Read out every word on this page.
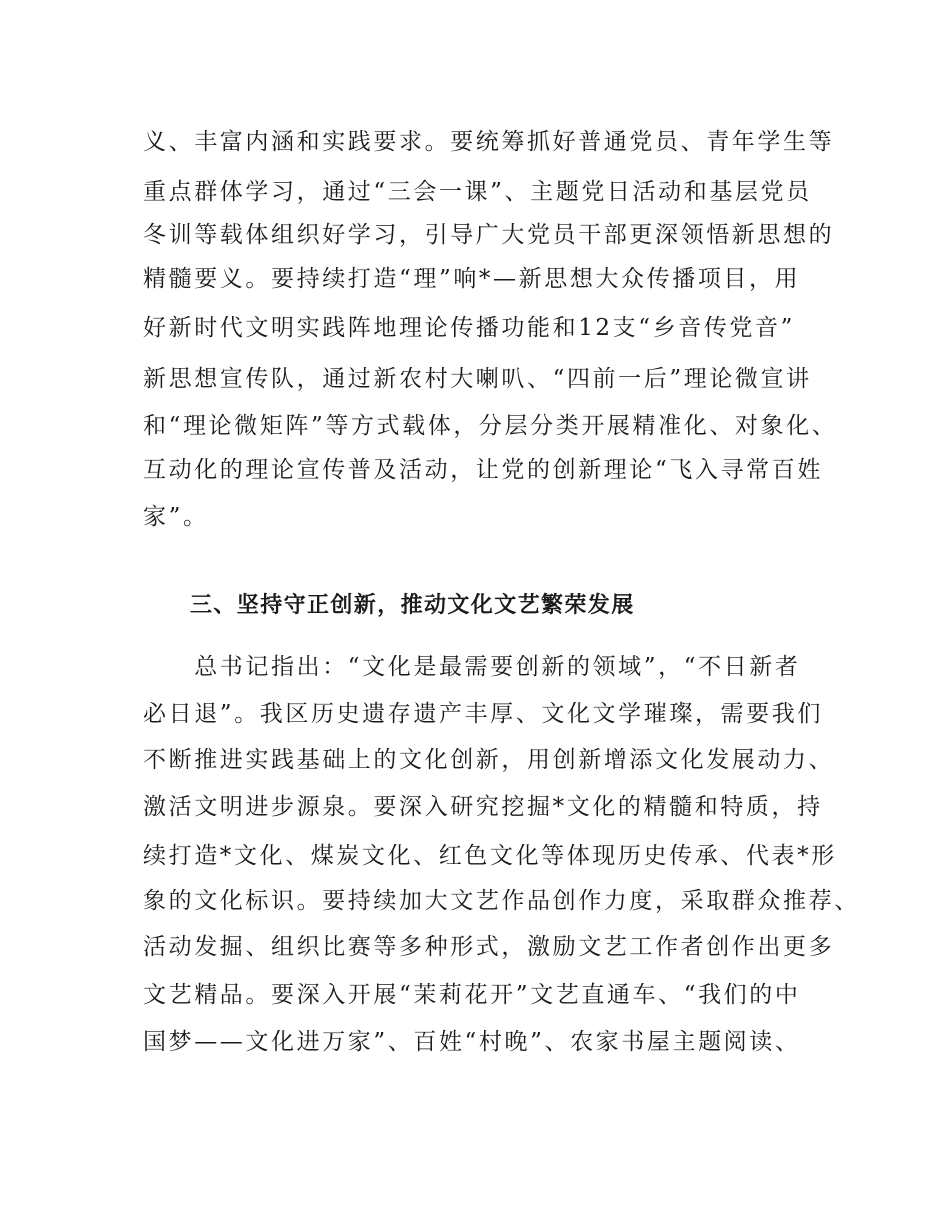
义、丰富内涵和实践要求。要统筹抓好普通党员、青年学生等
重点群体学习，通过“三会一课”、主题党日活动和基层党员
冬训等载体组织好学习，引导广大党员干部更深领悟新思想的
精髓要义。要持续打造“理”响*—新思想大众传播项目，用
好新时代文明实践阵地理论传播功能和12支“乡音传党音”
新思想宣传队，通过新农村大喇叭、“四前一后”理论微宣讲
和“理论微矩阵”等方式载体，分层分类开展精准化、对象化、
互动化的理论宣传普及活动，让党的创新理论“飞入寻常百姓
家”。
三、坚持守正创新，推动文化文艺繁荣发展
　　总书记指出：“文化是最需要创新的领域”，“不日新者
必日退”。我区历史遗存遗产丰厚、文化文学璀璨，需要我们
不断推进实践基础上的文化创新，用创新增添文化发展动力、
激活文明进步源泉。要深入研究挖掘*文化的精髓和特质，持
续打造*文化、煤炭文化、红色文化等体现历史传承、代表*形
象的文化标识。要持续加大文艺作品创作力度，采取群众推荐、
活动发掘、组织比赛等多种形式，激励文艺工作者创作出更多
文艺精品。要深入开展“茉莉花开”文艺直通车、“我们的中
国梦——文化进万家”、百姓“村晚”、农家书屋主题阅读、
